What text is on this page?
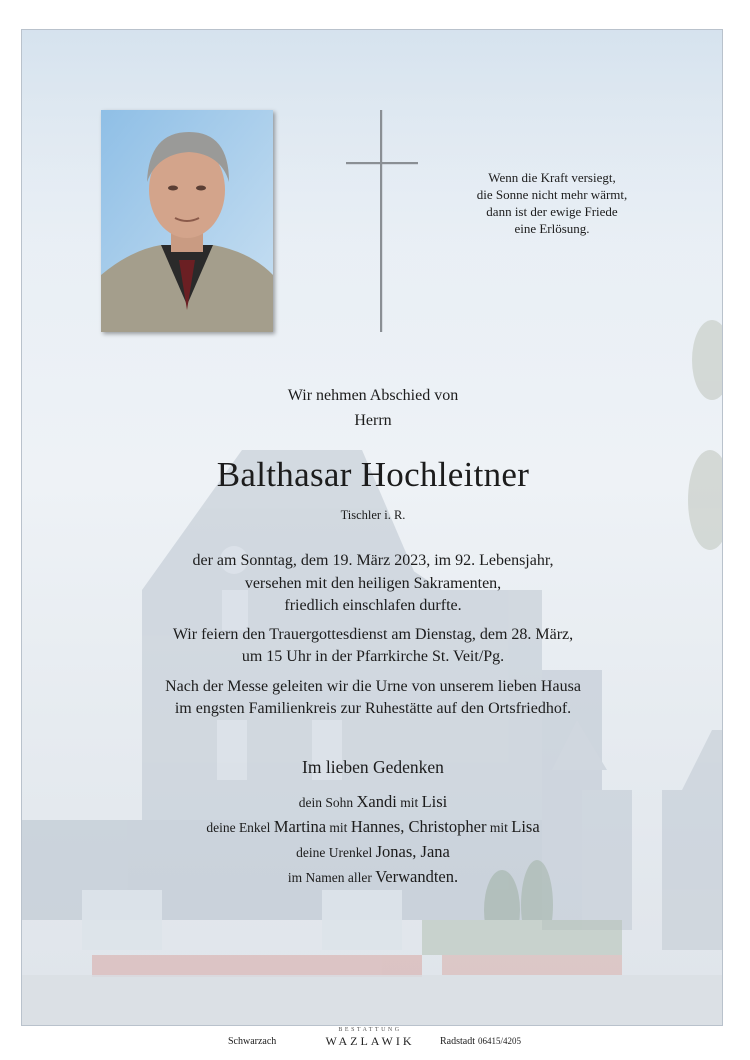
Wenn die Kraft versiegt,
die Sonne nicht mehr wärmt,
dann ist der ewige Friede
eine Erlösung.
Wir nehmen Abschied von
Herrn
Balthasar Hochleitner
Tischler i. R.
der am Sonntag, dem 19. März 2023, im 92. Lebensjahr,
versehen mit den heiligen Sakramenten,
friedlich einschlafen durfte.
Wir feiern den Trauergottesdienst am Dienstag, dem 28. März,
um 15 Uhr in der Pfarrkirche St. Veit/Pg.
Nach der Messe geleiten wir die Urne von unserem lieben Hausa
im engsten Familienkreis zur Ruhestätte auf den Ortsfriedhof.
Im lieben Gedenken
dein Sohn Xandi mit Lisi
deine Enkel Martina mit Hannes, Christopher mit Lisa
deine Urenkel Jonas, Jana
im Namen aller Verwandten.
Schwarzach
BESTATTUNG
WAZLAWIK	Radstadt 06415/4205
